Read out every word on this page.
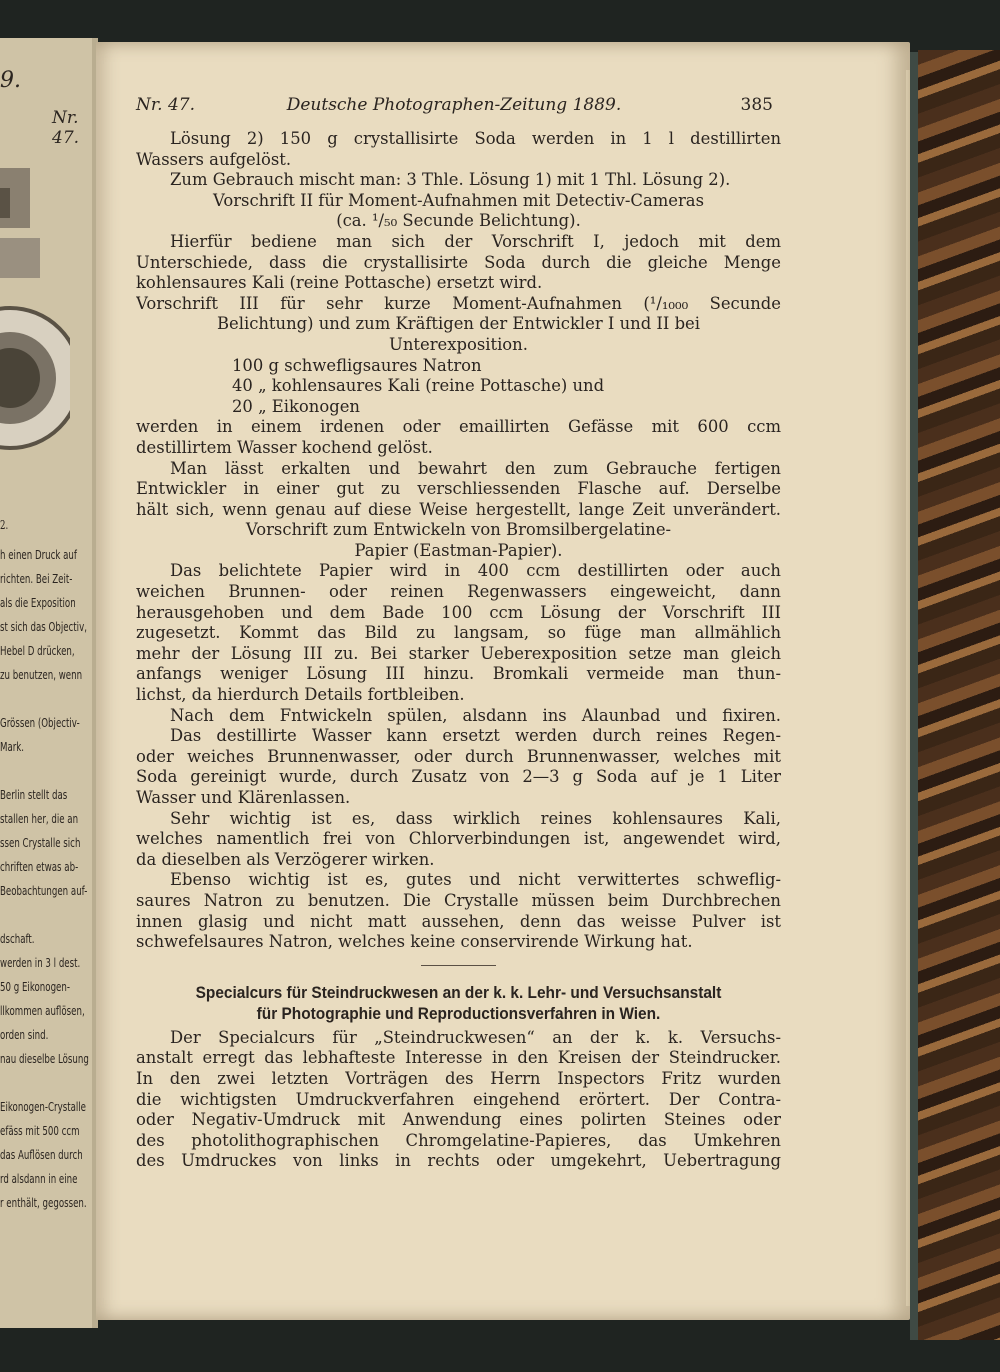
9.
Nr. 47.
2.
h einen Druck auf
richten. Bei Zeit-
als die Exposition
st sich das Objectiv,
Hebel D drücken,
zu benutzen, wenn
Grössen (Objectiv-
Mark.
Berlin stellt das
stallen her, die an
ssen Crystalle sich
chriften etwas ab-
Beobachtungen auf-
dschaft.
werden in 3 l dest.
50 g Eikonogen-
llkommen auflösen,
orden sind.
nau dieselbe Lösung
Eikonogen-Crystalle
efäss mit 500 ccm
das Auflösen durch
rd alsdann in eine
r enthält, gegossen.
Nr. 47.	Deutsche Photographen-Zeitung 1889.	385
Lösung 2) 150 g crystallisirte Soda werden in 1 l destillirten
Wassers aufgelöst.
Zum Gebrauch mischt man: 3 Thle. Lösung 1) mit 1 Thl. Lösung 2).
Vorschrift II für Moment-Aufnahmen mit Detectiv-Cameras
(ca. ¹/₅₀ Secunde Belichtung).
Hierfür bediene man sich der Vorschrift I, jedoch mit dem
Unterschiede, dass die crystallisirte Soda durch die gleiche Menge
kohlensaures Kali (reine Pottasche) ersetzt wird.
Vorschrift III für sehr kurze Moment-Aufnahmen (¹/₁₀₀₀ Secunde
Belichtung) und zum Kräftigen der Entwickler I und II bei
Unterexposition.
100 g schwefligsaures Natron
40 „ kohlensaures Kali (reine Pottasche) und
20 „ Eikonogen
werden in einem irdenen oder emaillirten Gefässe mit 600 ccm
destillirtem Wasser kochend gelöst.
Man lässt erkalten und bewahrt den zum Gebrauche fertigen
Entwickler in einer gut zu verschliessenden Flasche auf. Derselbe
hält sich, wenn genau auf diese Weise hergestellt, lange Zeit unverändert.
Vorschrift zum Entwickeln von Bromsilbergelatine-
Papier (Eastman-Papier).
Das belichtete Papier wird in 400 ccm destillirten oder auch
weichen Brunnen- oder reinen Regenwassers eingeweicht, dann
herausgehoben und dem Bade 100 ccm Lösung der Vorschrift III
zugesetzt. Kommt das Bild zu langsam, so füge man allmählich
mehr der Lösung III zu. Bei starker Ueberexposition setze man gleich
anfangs weniger Lösung III hinzu. Bromkali vermeide man thun-
lichst, da hierdurch Details fortbleiben.
Nach dem Fntwickeln spülen, alsdann ins Alaunbad und fixiren.
Das destillirte Wasser kann ersetzt werden durch reines Regen-
oder weiches Brunnenwasser, oder durch Brunnenwasser, welches mit
Soda gereinigt wurde, durch Zusatz von 2—3 g Soda auf je 1 Liter
Wasser und Klärenlassen.
Sehr wichtig ist es, dass wirklich reines kohlensaures Kali,
welches namentlich frei von Chlorverbindungen ist, angewendet wird,
da dieselben als Verzögerer wirken.
Ebenso wichtig ist es, gutes und nicht verwittertes schweflig-
saures Natron zu benutzen. Die Crystalle müssen beim Durchbrechen
innen glasig und nicht matt aussehen, denn das weisse Pulver ist
schwefelsaures Natron, welches keine conservirende Wirkung hat.
Specialcurs für Steindruckwesen an der k. k. Lehr- und Versuchsanstalt
für Photographie und Reproductionsverfahren in Wien.
Der Specialcurs für „Steindruckwesen“ an der k. k. Versuchs-
anstalt erregt das lebhafteste Interesse in den Kreisen der Steindrucker.
In den zwei letzten Vorträgen des Herrn Inspectors Fritz wurden
die wichtigsten Umdruckverfahren eingehend erörtert. Der Contra-
oder Negativ-Umdruck mit Anwendung eines polirten Steines oder
des photolithographischen Chromgelatine-Papieres, das Umkehren
des Umdruckes von links in rechts oder umgekehrt, Uebertragung
